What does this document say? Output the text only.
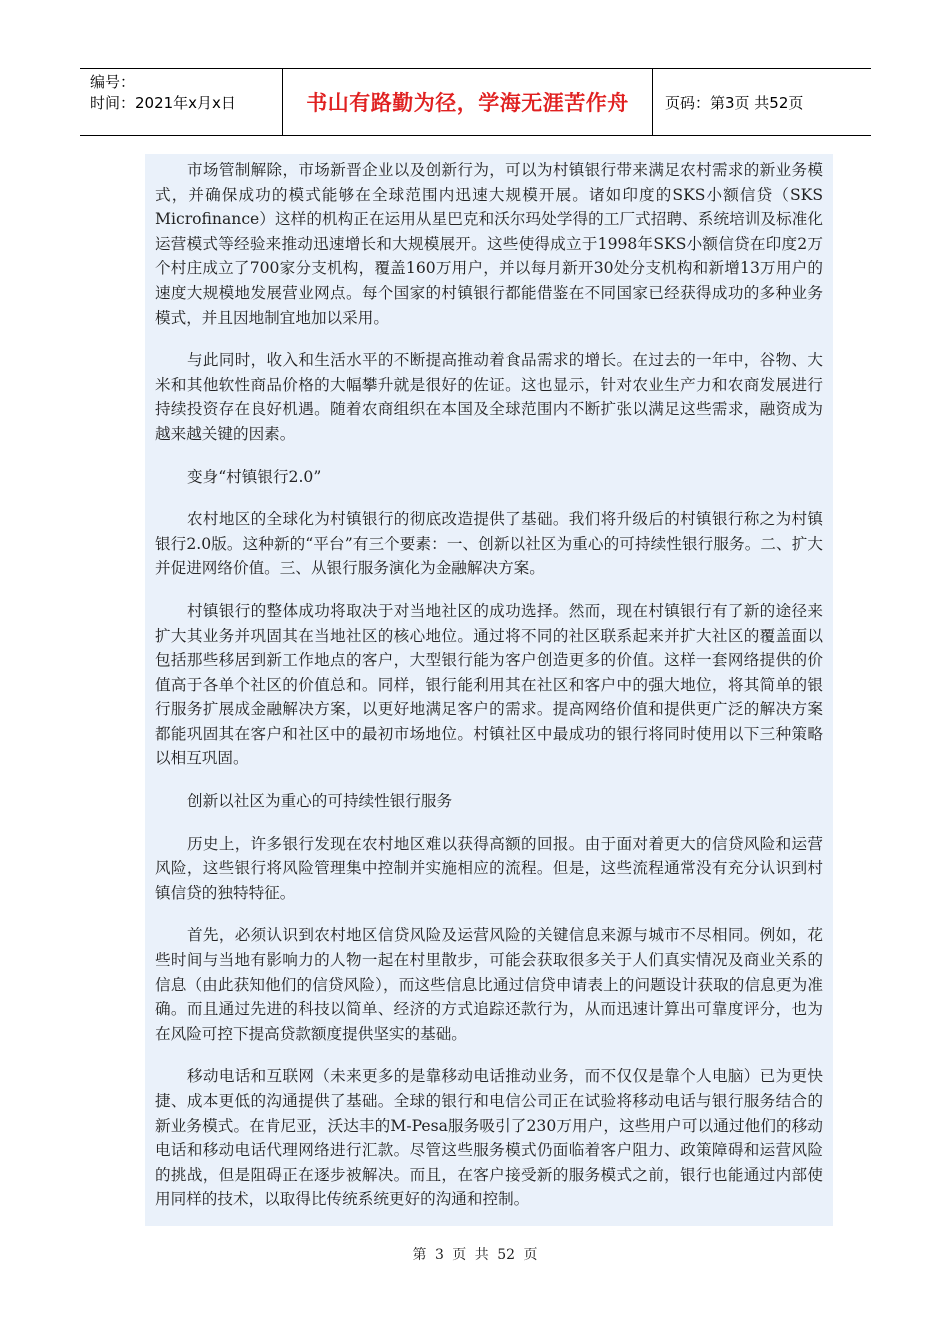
编号：
时间：2021年x月x日	书山有路勤为径，学海无涯苦作舟	页码：第3页 共52页

市场管制解除，市场新晋企业以及创新行为，可以为村镇银行带来满足农村需求的新业务模式，并确保成功的模式能够在全球范围内迅速大规模开展。诸如印度的SKS小额信贷（SKS Microfinance）这样的机构正在运用从星巴克和沃尔玛处学得的工厂式招聘、系统培训及标准化运营模式等经验来推动迅速增长和大规模展开。这些使得成立于1998年SKS小额信贷在印度2万个村庄成立了700家分支机构，覆盖160万用户，并以每月新开30处分支机构和新增13万用户的速度大规模地发展营业网点。每个国家的村镇银行都能借鉴在不同国家已经获得成功的多种业务模式，并且因地制宜地加以采用。

与此同时，收入和生活水平的不断提高推动着食品需求的增长。在过去的一年中，谷物、大米和其他软性商品价格的大幅攀升就是很好的佐证。这也显示，针对农业生产力和农商发展进行持续投资存在良好机遇。随着农商组织在本国及全球范围内不断扩张以满足这些需求，融资成为越来越关键的因素。

变身“村镇银行2.0”

农村地区的全球化为村镇银行的彻底改造提供了基础。我们将升级后的村镇银行称之为村镇银行2.0版。这种新的“平台”有三个要素：一、创新以社区为重心的可持续性银行服务。二、扩大并促进网络价值。三、从银行服务演化为金融解决方案。

村镇银行的整体成功将取决于对当地社区的成功选择。然而，现在村镇银行有了新的途径来扩大其业务并巩固其在当地社区的核心地位。通过将不同的社区联系起来并扩大社区的覆盖面以包括那些移居到新工作地点的客户，大型银行能为客户创造更多的价值。这样一套网络提供的价值高于各单个社区的价值总和。同样，银行能利用其在社区和客户中的强大地位，将其简单的银行服务扩展成金融解决方案，以更好地满足客户的需求。提高网络价值和提供更广泛的解决方案都能巩固其在客户和社区中的最初市场地位。村镇社区中最成功的银行将同时使用以下三种策略以相互巩固。

创新以社区为重心的可持续性银行服务

历史上，许多银行发现在农村地区难以获得高额的回报。由于面对着更大的信贷风险和运营风险，这些银行将风险管理集中控制并实施相应的流程。但是，这些流程通常没有充分认识到村镇信贷的独特特征。

首先，必须认识到农村地区信贷风险及运营风险的关键信息来源与城市不尽相同。例如，花些时间与当地有影响力的人物一起在村里散步，可能会获取很多关于人们真实情况及商业关系的信息（由此获知他们的信贷风险），而这些信息比通过信贷申请表上的问题设计获取的信息更为准确。而且通过先进的科技以简单、经济的方式追踪还款行为，从而迅速计算出可靠度评分，也为在风险可控下提高贷款额度提供坚实的基础。

移动电话和互联网（未来更多的是靠移动电话推动业务，而不仅仅是靠个人电脑）已为更快捷、成本更低的沟通提供了基础。全球的银行和电信公司正在试验将移动电话与银行服务结合的新业务模式。在肯尼亚，沃达丰的M-Pesa服务吸引了230万用户，这些用户可以通过他们的移动电话和移动电话代理网络进行汇款。尽管这些服务模式仍面临着客户阻力、政策障碍和运营风险的挑战，但是阻碍正在逐步被解决。而且，在客户接受新的服务模式之前，银行也能通过内部使用同样的技术，以取得比传统系统更好的沟通和控制。

第 3 页 共 52 页
